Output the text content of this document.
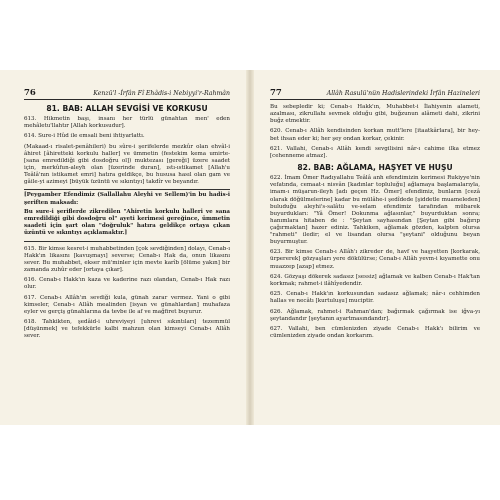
76	Kenzü'l -İrfân Fî Ehâdis-i Nebiyyi'r-Rahmân
81. BAB: ALLAH SEVGİSİ VE KORKUSU

613. Hikmetin başı, insanı her türlü günahtan men' eden mehâletu'llahtır [Allah korkusudur].

614. Sure-i Hûd ile emsali beni ihtiyarlattı.

(Makaad-ı risalet-penâhileri) bu sûre-i şerifelerde mezkûr olan ehvâl-i âhiret [âhiretteki korkulu haller] ve ümmetin (festekim kema umirte-[sana emredildiği gibi dosdoğru ol]) muktezası [gereği] üzere saadet için, merkûfun-aleyh olan [üzerinde duran], ıstı-ıstikamet [Allah'u Teâlâ'nın istikamet emri] hatıra geldikçe, bu hususa hasıl olan gam ve gâile-yi azimeyi [büyük üzüntü ve sıkıntıyı] takdîr ve beyandır.

[Peygamber Efendimiz (Sallallahu Aleyhi ve Sellem)'in bu hadis-i şeriften maksadı:

Bu sure-i şeriflerde zikredilen "Ahiretin korkulu halleri ve sana emredildiği gibi dosdoğru ol" ayeti kerimesi gereğince, ümmetin saadeti için şart olan "doğruluk" hatıra geldikçe ortaya çıkan üzüntü ve sıkıntıyı açıklamaktır.]

615. Bir kimse kesret-i muhabbetinden [çok sevdiğinden] dolayı, Cenab-ı Hakk'ın likasını [kavuşmayı] severse; Cenab-ı Hak da, onun likasını sever. Bu muhabbet, ekser mü'minler için mevte karîb [ölüme yakın] bir zamanda zuhûr eder [ortaya çıkar].

616. Cenab-ı Hakk'ın kaza ve kaderine razı olandan, Cenab-ı Hak razı olur.

617. Cenab-ı Allâh'ın sevdiği kula, günah zarar vermez. Yani o gibi kimseler, Cenab-ı Allâh mealinden [isyan ve günahlardan] muhafaza eyler ve gerçiş günahlarına da tevbe ile af ve mağfiret buyurur.

618. Tahkikten, şedâid-i uhreviyeyi [uhrevi sıkıntıları] tezemmül [düşünmek] ve tefekkürle kalbi mahzun olan kimseyi Cenab-ı Allâh sever.

77	Allâh Rasulü'nün Hadislerindeki İrfân Hazineleri

Bu sebepledir ki; Cenab-ı Hakk'ın, Muhabbet-i İlahiyenin alameti, azalması, zikrullahı sevmek olduğu gibi, buğzunun alâmeti dahi, zikrini buğz etmektir.

620. Cenab-ı Allâh kendisinden korkan mutt'lere [itaatkârlara], bir hey-bet ihsan eder ki; her şey ondan korkar, çekinir.

621. Vallahi, Cenab-ı Allâh kendi sevgilisini nâr-ı cahime ilka etmez [cehenneme atmaz].

82. BAB: AĞLAMA, HAŞYET VE HUŞU

622. İmam Ömer Radıyallahu Teâlâ anh efendimizin kerimesi Rukiyye'nin vefatında, cemaat-ı nisvân [kadınlar topluluğu] ağlamaya başlamalarıyla, imam-ı müşarun-ileyh [adı geçen Hz. Ömer] efendimiz, bunların [cezâ olarak döğülmelerine] kadar bu mülâhe-i şedîdede [şiddetle muameleden] buluduğu aleyhi's-salâtu ve-selam efendimiz tarafından mübarek buyurdukları: "Yâ Ömer! Dokunma ağlasınlar," buyurduktan sonra; hanımlara hitaben de : "Şeytan sayhasından [Şeytan gibi bağırıp çağırmaktan] hazer ediniz. Tahkiken, ağlamak gözden, kalpten olursa "rahmeti" iledir; el ve lisandan olursa "şeytani" olduğunu beyan buyurmuştur.

623. Bir kimse Cenab-ı Allâh'ı zikreder de, havf ve haşyetten [korkarak, ürpererek] gözyaşları yere dökülürse; Cenab-ı Allâh yevm-i kıyamette onu muazzep [azap] etmez.

624. Gözyaşı dökerek sadasız [sessiz] ağlamak ve kalben Cenab-ı Hak'tan korkmak; rahmet-i ilâhîyedendir.

625. Cenab-ı Hakk'ın korkusundan sadasız ağlamak; nâr-ı cehhimden hallas ve necâtı [kurtuluşu] muciptir.

626. Ağlamak, rahmet-i Rahman'dan; bağırmak çağırmak ise iğva-yı şeytandandır [şeytanın ayartmasındandır].

627. Vallahi, ben cümlenizden ziyade Cenab-ı Hakk'ı bilirim ve cümlenizden ziyade ondan korkarım.
